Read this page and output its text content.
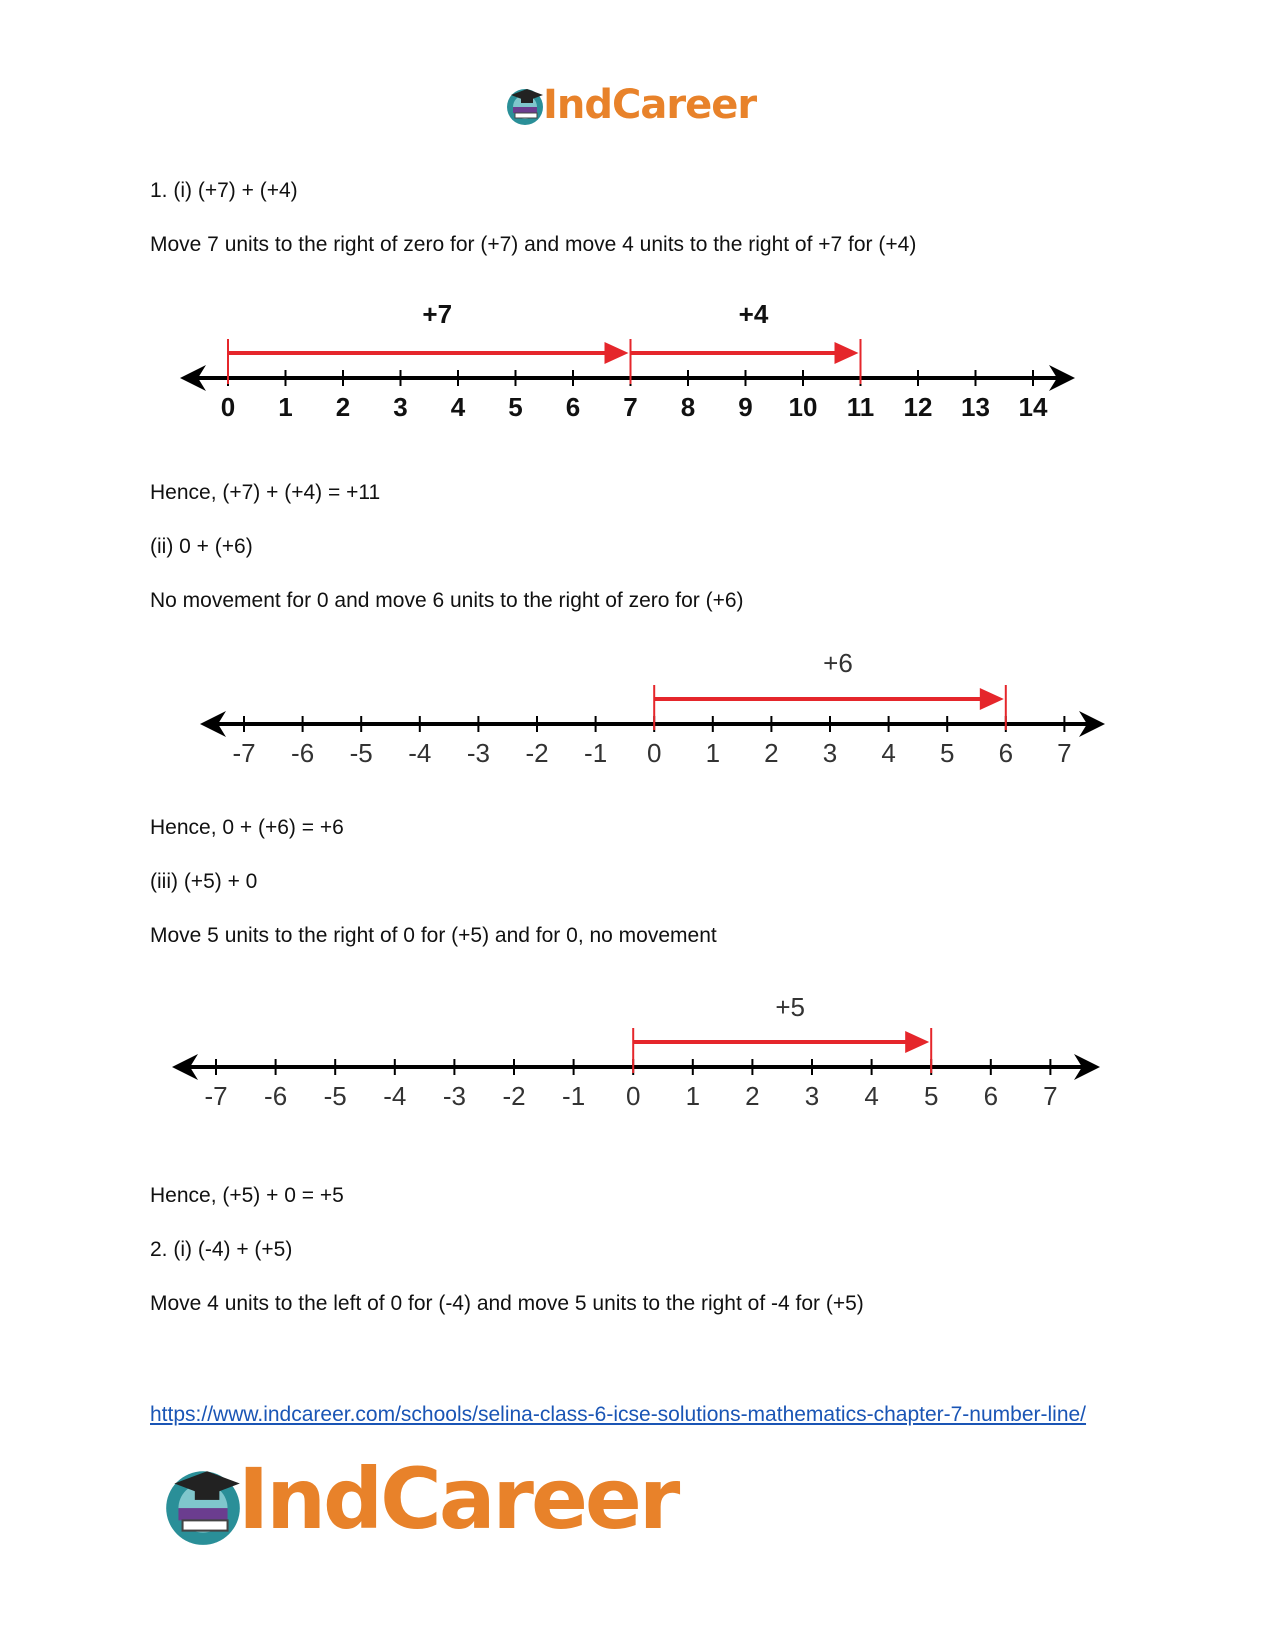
IndCareer
1. (i) (+7) + (+4)
Move 7 units to the right of zero for (+7) and move 4 units to the right of +7 for (+4)
0 1 2 3 4 5 6 7 8 9 10 11 12 13 14
+7	+4
Hence, (+7) + (+4) = +11
(ii) 0 + (+6)
No movement for 0 and move 6 units to the right of zero for (+6)
-7 -6 -5 -4 -3 -2 -1 0 1 2 3 4 5 6 7
+6
Hence, 0 + (+6) = +6
(iii) (+5) + 0
Move 5 units to the right of 0 for (+5) and for 0, no movement
-7 -6 -5 -4 -3 -2 -1 0 1 2 3 4 5 6 7
+5
Hence, (+5) + 0 = +5
2. (i) (-4) + (+5)
Move 4 units to the left of 0 for (-4) and move 5 units to the right of -4 for (+5)
https://www.indcareer.com/schools/selina-class-6-icse-solutions-mathematics-chapter-7-number-line/
IndCareer
